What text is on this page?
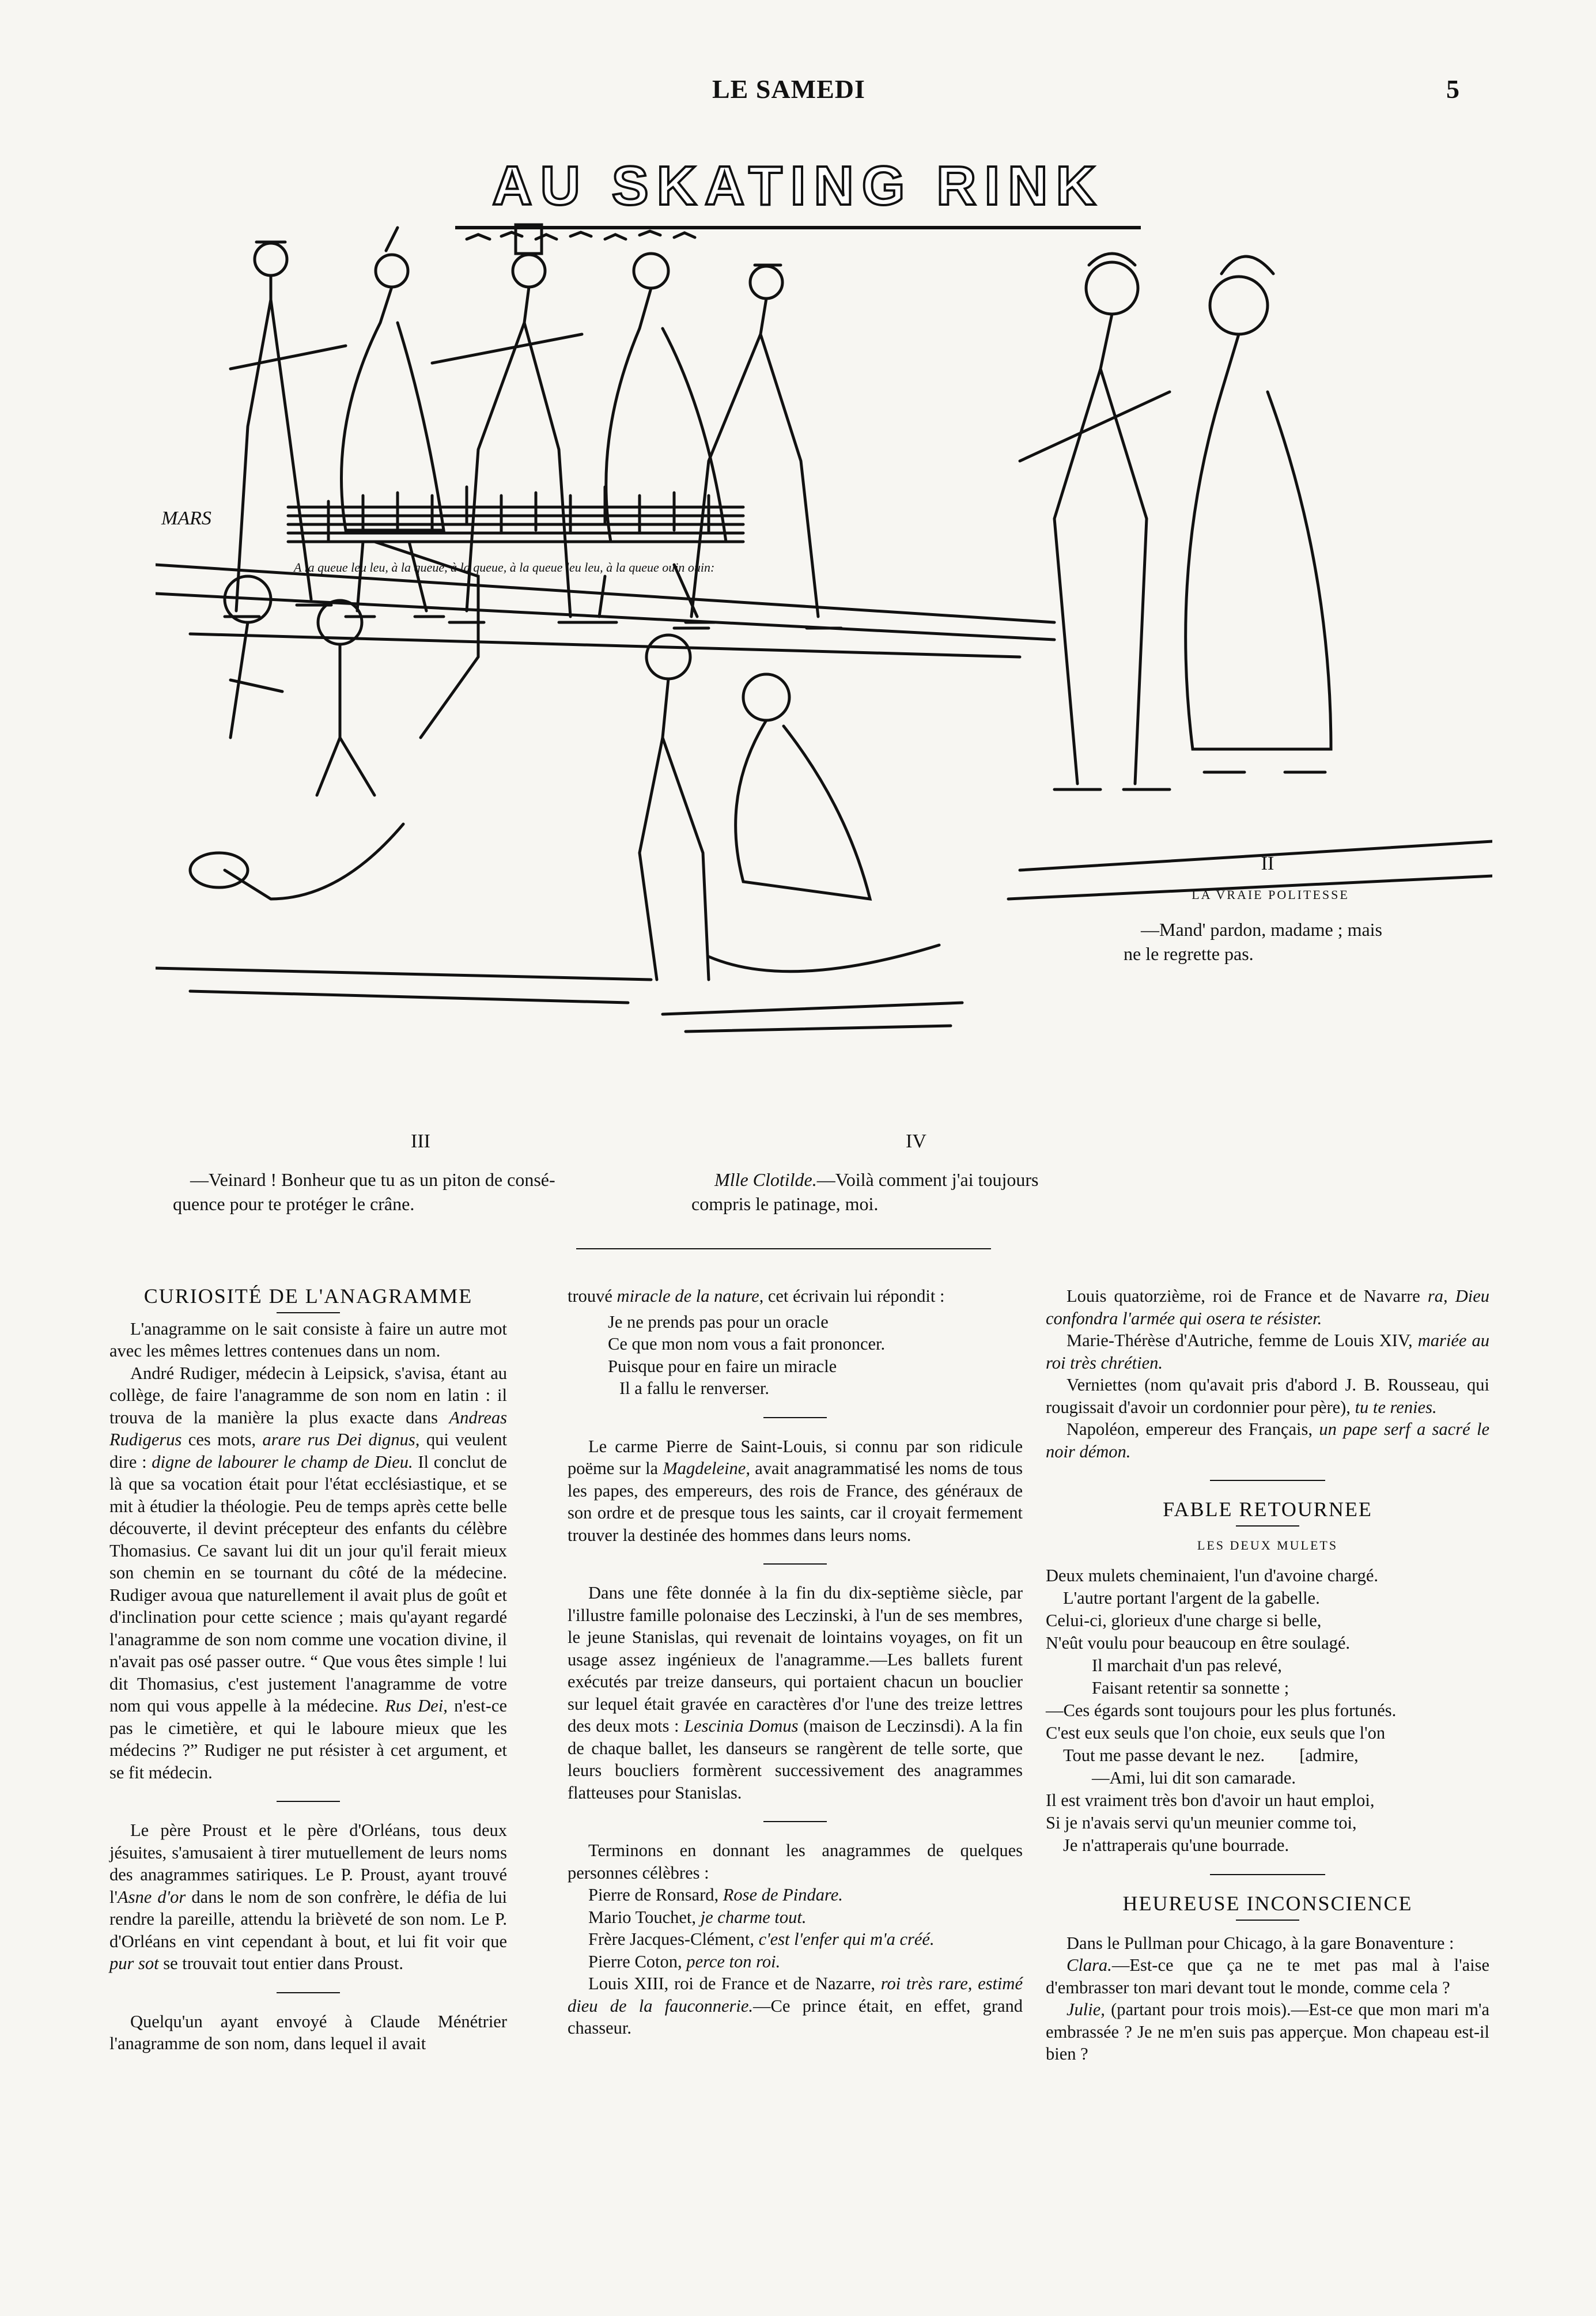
LE SAMEDI	5
AU SKATING RINK
MARS
A la queue leu leu, à la queue, à la queue, à la queue leu leu, à la queue ouin ouin:
II
LA VRAIE POLITESSE
—Mand' pardon, madame ; mais
ne le regrette pas.
III
—Veinard ! Bonheur que tu as un piton de consé-
quence pour te protéger le crâne.
IV
Mlle Clotilde.—Voilà comment j'ai toujours
compris le patinage, moi.
CURIOSITÉ DE L'ANAGRAMME

L'anagramme on le sait consiste à faire un autre mot avec les mêmes lettres contenues dans un nom.

André Rudiger, médecin à Leipsick, s'avisa, étant au collège, de faire l'anagramme de son nom en latin : il trouva de la manière la plus exacte dans Andreas Rudigerus ces mots, arare rus Dei dignus, qui veulent dire : digne de labourer le champ de Dieu. Il conclut de là que sa vocation était pour l'état ecclésiastique, et se mit à étudier la théologie. Peu de temps après cette belle découverte, il devint précepteur des enfants du célèbre Thomasius. Ce savant lui dit un jour qu'il ferait mieux son chemin en se tournant du côté de la médecine. Rudiger avoua que naturellement il avait plus de goût et d'inclination pour cette science ; mais qu'ayant regardé l'anagramme de son nom comme une vocation divine, il n'avait pas osé passer outre. “ Que vous êtes simple ! lui dit Thomasius, c'est justement l'anagramme de votre nom qui vous appelle à la médecine. Rus Dei, n'est-ce pas le cimetière, et qui le laboure mieux que les médecins ?” Rudiger ne put résister à cet argument, et se fit médecin.

Le père Proust et le père d'Orléans, tous deux jésuites, s'amusaient à tirer mutuellement de leurs noms des anagrammes satiriques. Le P. Proust, ayant trouvé l'Asne d'or dans le nom de son confrère, le défia de lui rendre la pareille, attendu la brièveté de son nom. Le P. d'Orléans en vint cependant à bout, et lui fit voir que pur sot se trouvait tout entier dans Proust.

Quelqu'un ayant envoyé à Claude Ménétrier l'anagramme de son nom, dans lequel il avait

trouvé miracle de la nature, cet écrivain lui répondit :

Je ne prends pas pour un oracle
Ce que mon nom vous a fait prononcer.
Puisque pour en faire un miracle
Il a fallu le renverser.

Le carme Pierre de Saint-Louis, si connu par son ridicule poëme sur la Magdeleine, avait anagrammatisé les noms de tous les papes, des empereurs, des rois de France, des généraux de son ordre et de presque tous les saints, car il croyait fermement trouver la destinée des hommes dans leurs noms.

Dans une fête donnée à la fin du dix-septième siècle, par l'illustre famille polonaise des Leczinski, à l'un de ses membres, le jeune Stanislas, qui revenait de lointains voyages, on fit un usage assez ingénieux de l'anagramme.—Les ballets furent exécutés par treize danseurs, qui portaient chacun un bouclier sur lequel était gravée en caractères d'or l'une des treize lettres des deux mots : Lescinia Domus (maison de Leczinsdi). A la fin de chaque ballet, les danseurs se rangèrent de telle sorte, que leurs boucliers formèrent successivement des anagrammes flatteuses pour Stanislas.

Terminons en donnant les anagrammes de quelques personnes célèbres :

Pierre de Ronsard, Rose de Pindare.

Mario Touchet, je charme tout.

Frère Jacques-Clément, c'est l'enfer qui m'a créé.

Pierre Coton, perce ton roi.

Louis XIII, roi de France et de Nazarre, roi très rare, estimé dieu de la fauconnerie.—Ce prince était, en effet, grand chasseur.

Louis quatorzième, roi de France et de Navarre ra, Dieu confondra l'armée qui osera te résister.

Marie-Thérèse d'Autriche, femme de Louis XIV, mariée au roi très chrétien.

Verniettes (nom qu'avait pris d'abord J. B. Rousseau, qui rougissait d'avoir un cordonnier pour père), tu te renies.

Napoléon, empereur des Français, un pape serf a sacré le noir démon.

FABLE RETOURNEE
LES DEUX MULETS
Deux mulets cheminaient, l'un d'avoine chargé.
L'autre portant l'argent de la gabelle.
Celui-ci, glorieux d'une charge si belle,
N'eût voulu pour beaucoup en être soulagé.
Il marchait d'un pas relevé,
Faisant retentir sa sonnette ;
—Ces égards sont toujours pour les plus fortunés.
C'est eux seuls que l'on choie, eux seuls que l'on
Tout me passe devant le nez. [admire,
—Ami, lui dit son camarade.
Il est vraiment très bon d'avoir un haut emploi,
Si je n'avais servi qu'un meunier comme toi,
Je n'attraperais qu'une bourrade.
HEUREUSE INCONSCIENCE

Dans le Pullman pour Chicago, à la gare Bonaventure :

Clara.—Est-ce que ça ne te met pas mal à l'aise d'embrasser ton mari devant tout le monde, comme cela ?

Julie, (partant pour trois mois).—Est-ce que mon mari m'a embrassée ? Je ne m'en suis pas apperçue. Mon chapeau est-il bien ?
